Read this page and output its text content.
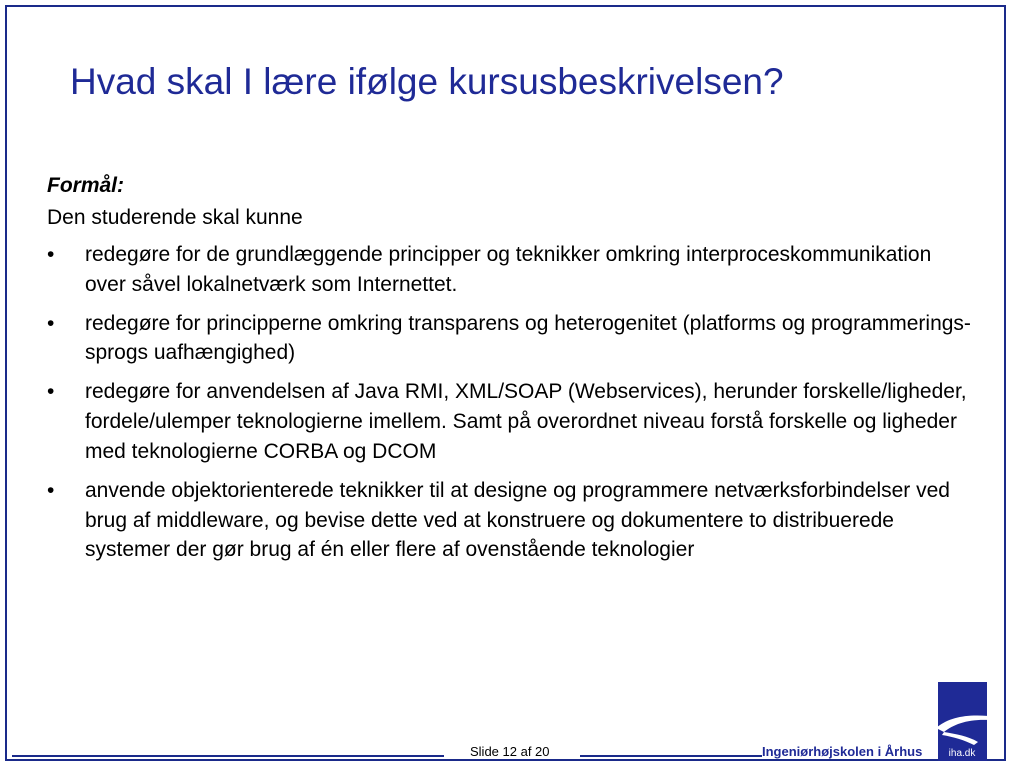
Hvad skal I lære ifølge kursusbeskrivelsen?
Formål:
Den studerende skal kunne
•	redegøre for de grundlæggende principper og teknikker omkring interproceskommunikation over såvel lokalnetværk som Internettet.
•	redegøre for principperne omkring transparens og heterogenitet (platforms og programmerings-sprogs uafhængighed)
•	redegøre for anvendelsen af Java RMI, XML/SOAP (Webservices), herunder forskelle/ligheder, fordele/ulemper teknologierne imellem. Samt på overordnet niveau forstå forskelle og ligheder med teknologierne CORBA og DCOM
•	anvende objektorienterede teknikker til at designe og programmere netværksforbindelser ved brug af middleware, og bevise dette ved at konstruere og dokumentere to distribuerede systemer der gør brug af én eller flere af ovenstående teknologier
Slide 12 af 20	Ingeniørhøjskolen i Århus	iha.dk
